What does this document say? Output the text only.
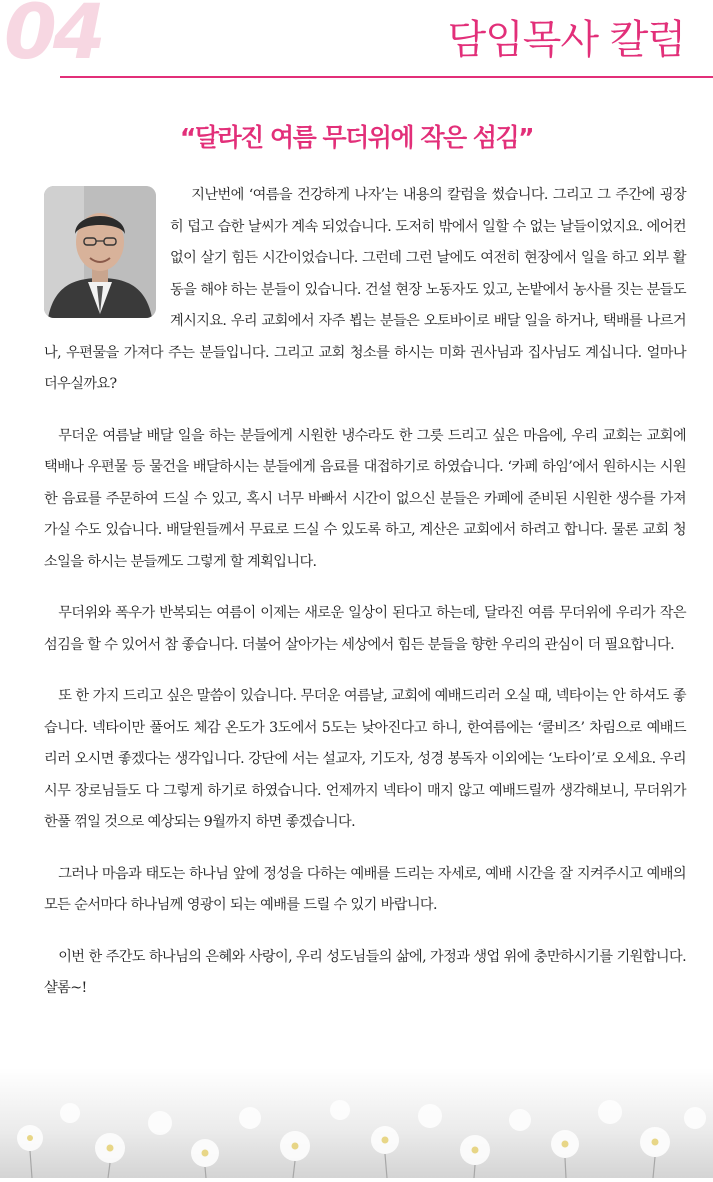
04	담임목사 칼럼
“달라진 여름 무더위에 작은 섬김”

지난번에 ‘여름을 건강하게 나자’는 내용의 칼럼을 썼습니다. 그리고 그 주간에 굉장히 덥고 습한 날씨가 계속 되었습니다. 도저히 밖에서 일할 수 없는 날들이었지요. 에어컨 없이 살기 힘든 시간이었습니다. 그런데 그런 날에도 여전히 현장에서 일을 하고 외부 활동을 해야 하는 분들이 있습니다. 건설 현장 노동자도 있고, 논밭에서 농사를 짓는 분들도 계시지요. 우리 교회에서 자주 뵙는 분들은 오토바이로 배달 일을 하거나, 택배를 나르거나, 우편물을 가져다 주는 분들입니다. 그리고 교회 청소를 하시는 미화 권사님과 집사님도 계십니다. 얼마나 더우실까요?

무더운 여름날 배달 일을 하는 분들에게 시원한 냉수라도 한 그릇 드리고 싶은 마음에, 우리 교회는 교회에 택배나 우편물 등 물건을 배달하시는 분들에게 음료를 대접하기로 하였습니다. ‘카페 하임’에서 원하시는 시원한 음료를 주문하여 드실 수 있고, 혹시 너무 바빠서 시간이 없으신 분들은 카페에 준비된 시원한 생수를 가져가실 수도 있습니다. 배달원들께서 무료로 드실 수 있도록 하고, 계산은 교회에서 하려고 합니다. 물론 교회 청소일을 하시는 분들께도 그렇게 할 계획입니다.

무더위와 폭우가 반복되는 여름이 이제는 새로운 일상이 된다고 하는데, 달라진 여름 무더위에 우리가 작은 섬김을 할 수 있어서 참 좋습니다. 더불어 살아가는 세상에서 힘든 분들을 향한 우리의 관심이 더 필요합니다.

또 한 가지 드리고 싶은 말씀이 있습니다. 무더운 여름날, 교회에 예배드리러 오실 때, 넥타이는 안 하셔도 좋습니다. 넥타이만 풀어도 체감 온도가 3도에서 5도는 낮아진다고 하니, 한여름에는 ‘쿨비즈’ 차림으로 예배드리러 오시면 좋겠다는 생각입니다. 강단에 서는 설교자, 기도자, 성경 봉독자 이외에는 ‘노타이’로 오세요. 우리 시무 장로님들도 다 그렇게 하기로 하였습니다. 언제까지 넥타이 매지 않고 예배드릴까 생각해보니, 무더위가 한풀 꺾일 것으로 예상되는 9월까지 하면 좋겠습니다.

그러나 마음과 태도는 하나님 앞에 정성을 다하는 예배를 드리는 자세로, 예배 시간을 잘 지켜주시고 예배의 모든 순서마다 하나님께 영광이 되는 예배를 드릴 수 있기 바랍니다.

이번 한 주간도 하나님의 은혜와 사랑이, 우리 성도님들의 삶에, 가정과 생업 위에 충만하시기를 기원합니다. 샬롬~!
